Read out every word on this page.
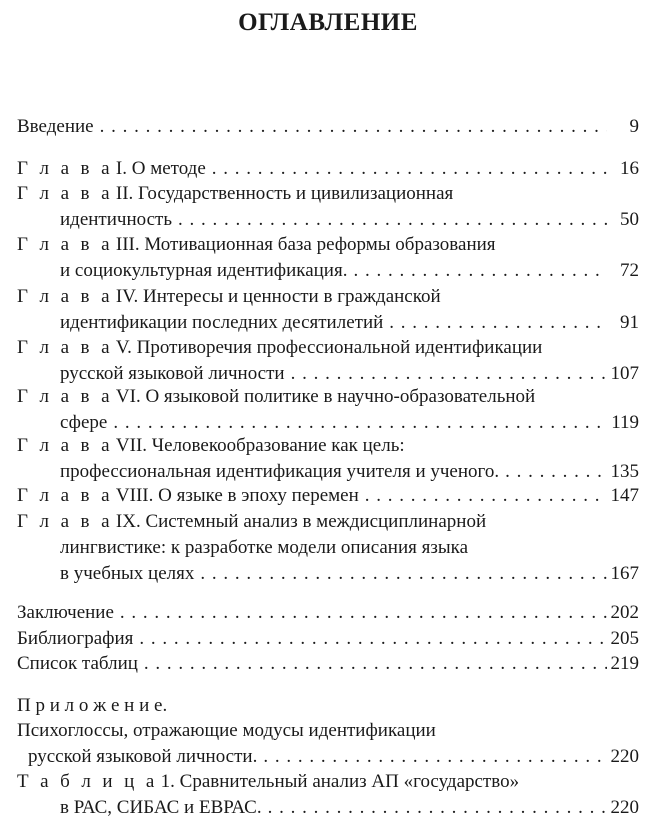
ОГЛАВЛЕНИЕ
Введение . . .	9
Г л а в а I. О методе . . .	16
Г л а в а II. Государственность и цивилизационная
идентичность . . .	50
Г л а в а III. Мотивационная база реформы образования
и социокультурная идентификация. . . .	72
Г л а в а IV. Интересы и ценности в гражданской
идентификации последних десятилетий . . .	91
Г л а в а V. Противоречия профессиональной идентификации
русской языковой личности . . .	107
Г л а в а VI. О языковой политике в научно-образовательной
сфере . . .	119
Г л а в а VII. Человекообразование как цель:
профессиональная идентификация учителя и ученого. . . .	135
Г л а в а VIII. О языке в эпоху перемен . . .	147
Г л а в а IX. Системный анализ в междисциплинарной
лингвистике: к разработке модели описания языка
в учебных целях . . .	167
Заключение . . .	202
Библиография . . .	205
Список таблиц . . .	219
П р и л о ж е н и е.
Психоглоссы, отражающие модусы идентификации
русской языковой личности. . . .	220
Т а б л и ц а 1. Сравнительный анализ АП «государство»
в РАС, СИБАС и ЕВРАС. . . .	220
